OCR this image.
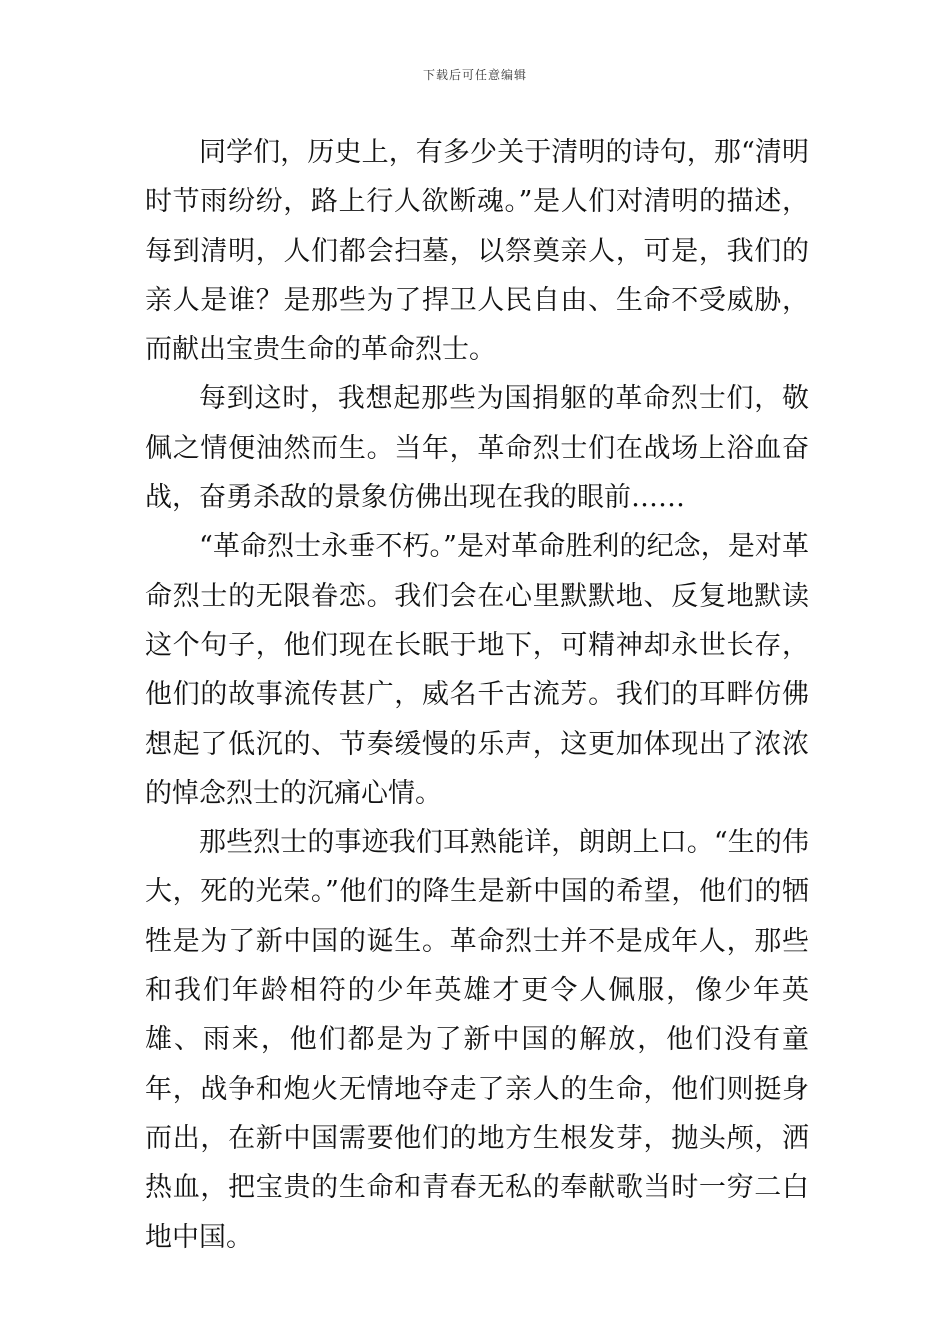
下载后可任意编辑

同学们，历史上，有多少关于清明的诗句，那“清明时节雨纷纷，路上行人欲断魂。”是人们对清明的描述，每到清明，人们都会扫墓，以祭奠亲人，可是，我们的亲人是谁？是那些为了捍卫人民自由、生命不受威胁，而献出宝贵生命的革命烈士。

每到这时，我想起那些为国捐躯的革命烈士们，敬佩之情便油然而生。当年，革命烈士们在战场上浴血奋战，奋勇杀敌的景象仿佛出现在我的眼前……

“革命烈士永垂不朽。”是对革命胜利的纪念，是对革命烈士的无限眷恋。我们会在心里默默地、反复地默读这个句子，他们现在长眠于地下，可精神却永世长存，他们的故事流传甚广，威名千古流芳。我们的耳畔仿佛想起了低沉的、节奏缓慢的乐声，这更加体现出了浓浓的悼念烈士的沉痛心情。

那些烈士的事迹我们耳熟能详，朗朗上口。“生的伟大，死的光荣。”他们的降生是新中国的希望，他们的牺牲是为了新中国的诞生。革命烈士并不是成年人，那些和我们年龄相符的少年英雄才更令人佩服，像少年英雄、雨来，他们都是为了新中国的解放，他们没有童年，战争和炮火无情地夺走了亲人的生命，他们则挺身而出，在新中国需要他们的地方生根发芽，抛头颅，洒热血，把宝贵的生命和青春无私的奉献歌当时一穷二白地中国。
